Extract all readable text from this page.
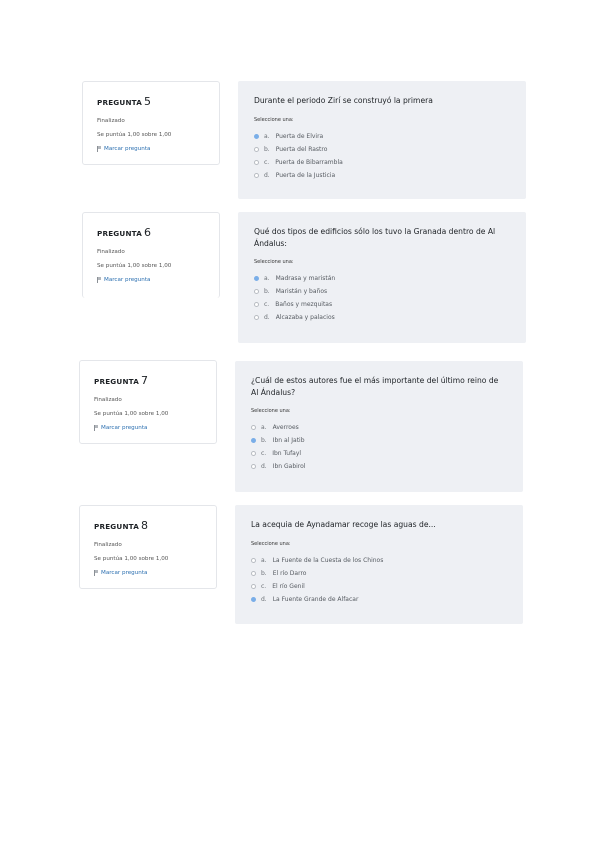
PREGUNTA 5
Finalizado
Se puntúa 1,00 sobre 1,00
Marcar pregunta
Durante el periodo Zirí se construyó la primera
Seleccione una:
a. Puerta de Elvira
b. Puerta del Rastro
c. Puerta de Bibarrambla
d. Puerta de la Justicia
PREGUNTA 6
Finalizado
Se puntúa 1,00 sobre 1,00
Marcar pregunta
Qué dos tipos de edificios sólo los tuvo la Granada dentro de Al Ándalus:
Seleccione una:
a. Madrasa y maristán
b. Maristán y baños
c. Baños y mezquitas
d. Alcazaba y palacios
PREGUNTA 7
Finalizado
Se puntúa 1,00 sobre 1,00
Marcar pregunta
¿Cuál de estos autores fue el más importante del último reino de Al Ándalus?
Seleccione una:
a. Averroes
b. Ibn al Jatib
c. Ibn Tufayl
d. Ibn Gabirol
PREGUNTA 8
Finalizado
Se puntúa 1,00 sobre 1,00
Marcar pregunta
La acequia de Aynadamar recoge las aguas de...
Seleccione una:
a. La Fuente de la Cuesta de los Chinos
b. El río Darro
c. El río Genil
d. La Fuente Grande de Alfacar
